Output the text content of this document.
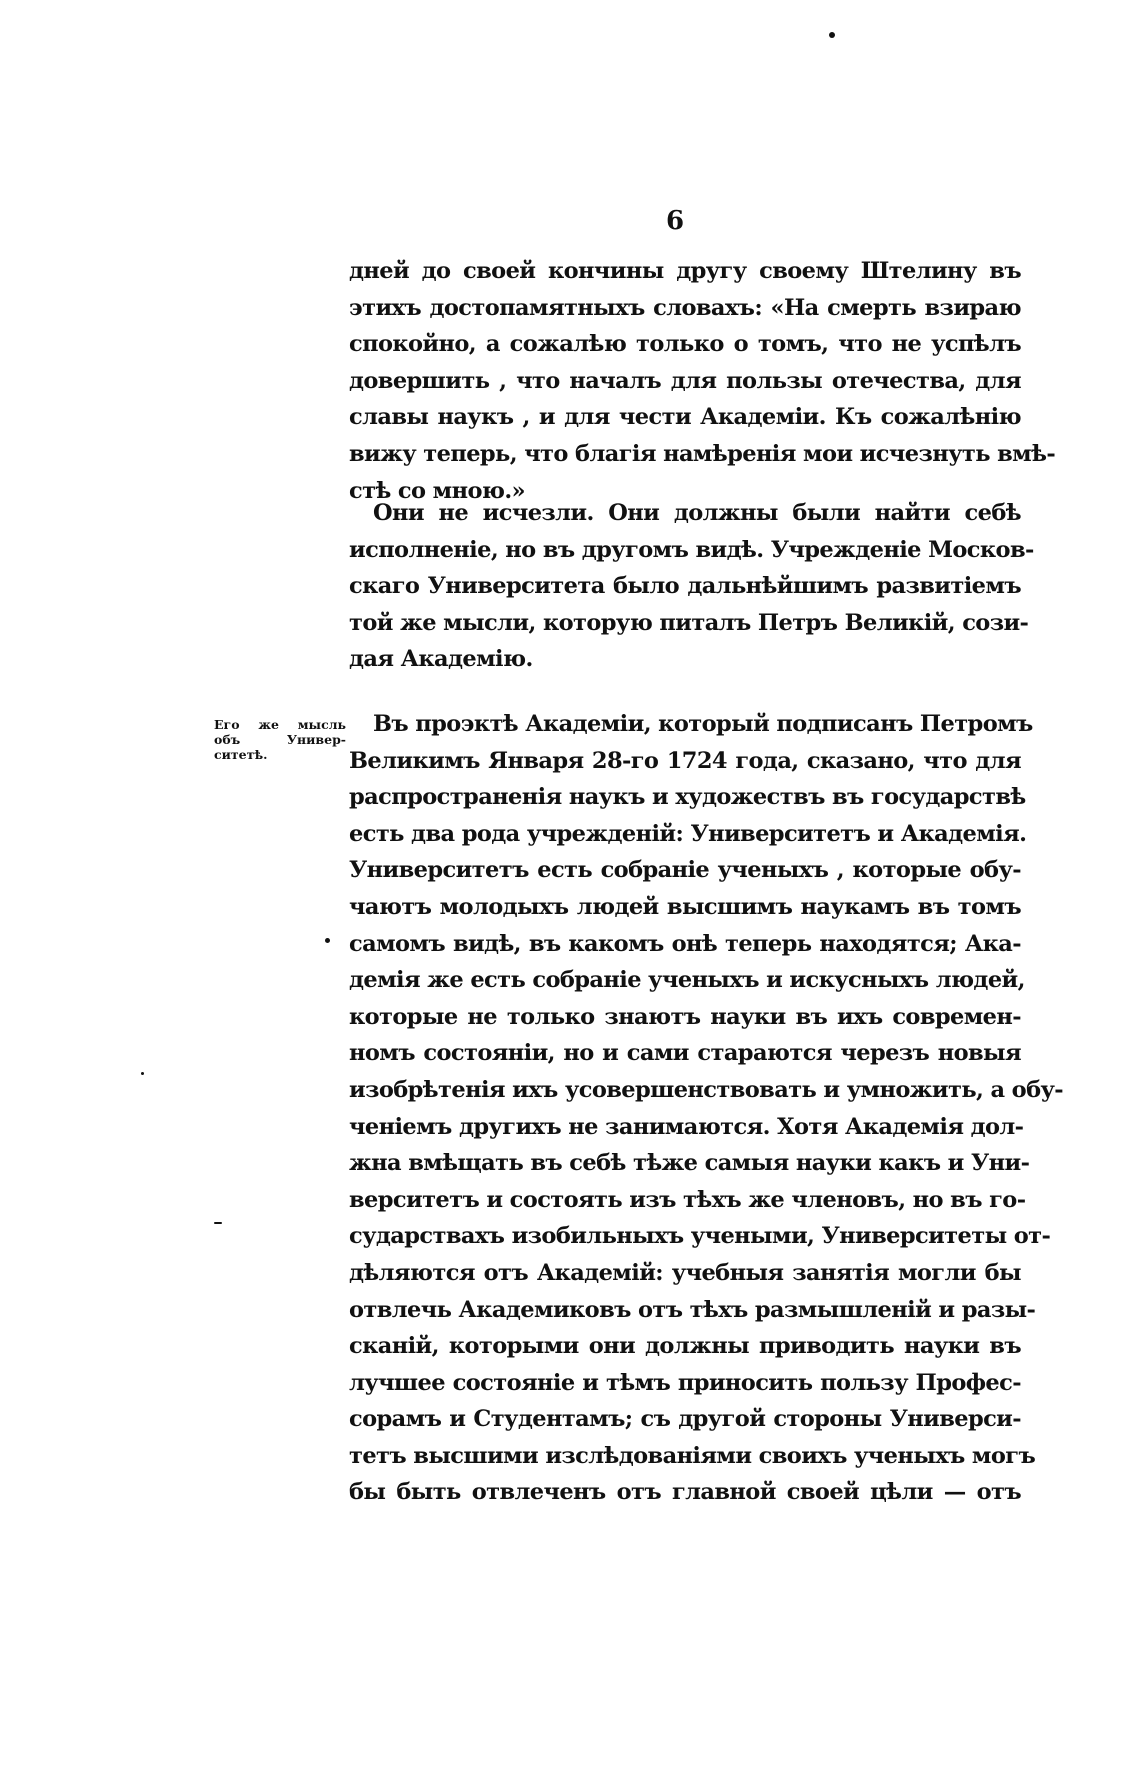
6
дней до своей кончины другу своему Штелину въ
этихъ достопамятныхъ словахъ: «На смерть взираю
спокойно, а сожалѣю только о томъ, что не успѣлъ
довершить , что началъ для пользы отечества, для
славы наукъ , и для чести Академіи. Къ сожалѣнію
вижу теперь, что благія намѣренія мои исчезнуть вмѣ-
стѣ со мною.»
Они не исчезли. Они должны были найти себѣ
исполненіе, но въ другомъ видѣ. Учрежденіе Москов-
скаго Университета было дальнѣйшимъ развитіемъ
той же мысли, которую питалъ Петръ Великій, сози-
дая Академію.
Его же мысль
объ Универ-
ситетѣ.
Въ проэктѣ Академіи, который подписанъ Петромъ
Великимъ Января 28-го 1724 года, сказано, что для
распространенія наукъ и художествъ въ государствѣ
есть два рода учрежденій: Университетъ и Академія.
Университетъ есть собраніе ученыхъ , которые обу-
чаютъ молодыхъ людей высшимъ наукамъ въ томъ
самомъ видѣ, въ какомъ онѣ теперь находятся; Ака-
демія же есть собраніе ученыхъ и искусныхъ людей,
которые не только знаютъ науки въ ихъ современ-
номъ состояніи, но и сами стараются черезъ новыя
изобрѣтенія ихъ усовершенствовать и умножить, а обу-
ченіемъ другихъ не занимаются. Хотя Академія дол-
жна вмѣщать въ себѣ тѣже самыя науки какъ и Уни-
верситетъ и состоять изъ тѣхъ же членовъ, но въ го-
сударствахъ изобильныхъ учеными, Университеты от-
дѣляются отъ Академій: учебныя занятія могли бы
отвлечь Академиковъ отъ тѣхъ размышленій и разы-
сканій, которыми они должны приводить науки въ
лучшее состояніе и тѣмъ приносить пользу Профес-
сорамъ и Студентамъ; съ другой стороны Универси-
тетъ высшими изслѣдованіями своихъ ученыхъ могъ
бы быть отвлеченъ отъ главной своей цѣли — отъ
